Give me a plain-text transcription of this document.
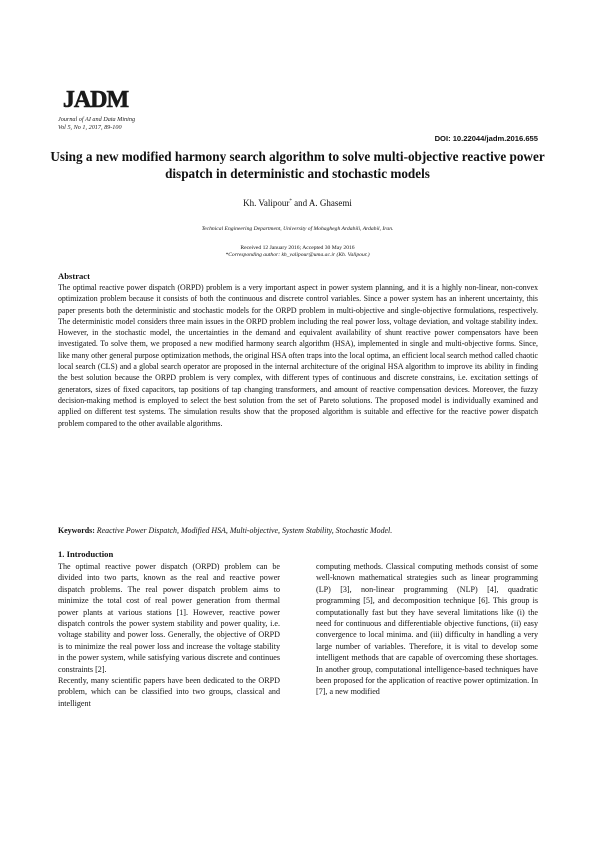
JADM
Journal of AI and Data Mining
Vol 5, No 1, 2017, 89-100
DOI: 10.22044/jadm.2016.655
Using a new modified harmony search algorithm to solve multi-objective reactive power dispatch in deterministic and stochastic models
Kh. Valipour* and A. Ghasemi
Technical Engineering Department, University of Mohaghegh Ardabili, Ardabil, Iran.
Received 12 January 2016; Accepted 30 May 2016
*Corresponding author: kh_valipour@uma.ac.ir (Kh. Valipour.)
Abstract
The optimal reactive power dispatch (ORPD) problem is a very important aspect in power system planning, and it is a highly non-linear, non-convex optimization problem because it consists of both the continuous and discrete control variables. Since a power system has an inherent uncertainty, this paper presents both the deterministic and stochastic models for the ORPD problem in multi-objective and single-objective formulations, respectively. The deterministic model considers three main issues in the ORPD problem including the real power loss, voltage deviation, and voltage stability index. However, in the stochastic model, the uncertainties in the demand and equivalent availability of shunt reactive power compensators have been investigated. To solve them, we proposed a new modified harmony search algorithm (HSA), implemented in single and multi-objective forms. Since, like many other general purpose optimization methods, the original HSA often traps into the local optima, an efficient local search method called chaotic local search (CLS) and a global search operator are proposed in the internal architecture of the original HSA algorithm to improve its ability in finding the best solution because the ORPD problem is very complex, with different types of continuous and discrete constrains, i.e. excitation settings of generators, sizes of fixed capacitors, tap positions of tap changing transformers, and amount of reactive compensation devices. Moreover, the fuzzy decision-making method is employed to select the best solution from the set of Pareto solutions. The proposed model is individually examined and applied on different test systems. The simulation results show that the proposed algorithm is suitable and effective for the reactive power dispatch problem compared to the other available algorithms.
Keywords: Reactive Power Dispatch, Modified HSA, Multi-objective, System Stability, Stochastic Model.
1. Introduction

The optimal reactive power dispatch (ORPD) problem can be divided into two parts, known as the real and reactive power dispatch problems. The real power dispatch problem aims to minimize the total cost of real power generation from thermal power plants at various stations [1]. However, reactive power dispatch controls the power system stability and power quality, i.e. voltage stability and power loss. Generally, the objective of ORPD is to minimize the real power loss and increase the voltage stability in the power system, while satisfying various discrete and continues constraints [2].

Recently, many scientific papers have been dedicated to the ORPD problem, which can be classified into two groups, classical and intelligent

computing methods. Classical computing methods consist of some well-known mathematical strategies such as linear programming (LP) [3], non-linear programming (NLP) [4], quadratic programming [5], and decomposition technique [6]. This group is computationally fast but they have several limitations like (i) the need for continuous and differentiable objective functions, (ii) easy convergence to local minima. and (iii) difficulty in handling a very large number of variables. Therefore, it is vital to develop some intelligent methods that are capable of overcoming these shortages. In another group, computational intelligence-based techniques have been proposed for the application of reactive power optimization. In [7], a new modified
